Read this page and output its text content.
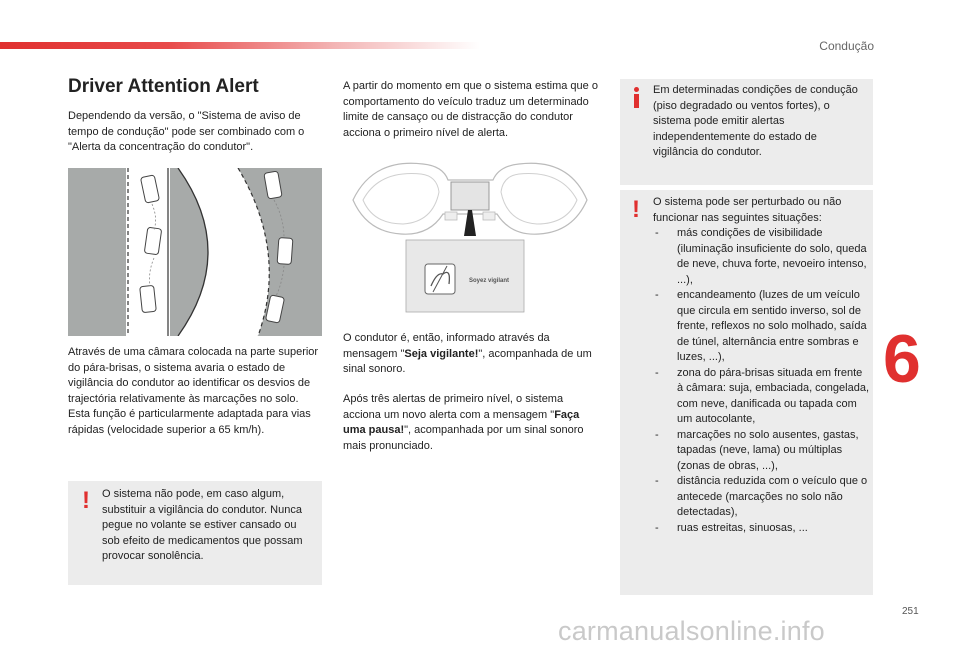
Condução
6
251
carmanualsonline.info
Driver Attention Alert

Dependendo da versão, o "Sistema de aviso de tempo de condução" pode ser combinado com o "Alerta da concentração do condutor".

Através de uma câmara colocada na parte superior do pára-brisas, o sistema avaria o estado de vigilância do condutor ao identificar os desvios de trajectória relativamente às marcações no solo.

Esta função é particularmente adaptada para vias rápidas (velocidade superior a 65 km/h).

! O sistema não pode, em caso algum, substituir a vigilância do condutor. Nunca pegue no volante se estiver cansado ou sob efeito de medicamentos que possam provocar sonolência.

A partir do momento em que o sistema estima que o comportamento do veículo traduz um determinado limite de cansaço ou de distracção do condutor acciona o primeiro nível de alerta.

Soyez vigilant

O condutor é, então, informado através da mensagem "Seja vigilante!", acompanhada de um sinal sonoro.

Após três alertas de primeiro nível, o sistema acciona um novo alerta com a mensagem "Faça uma pausa!", acompanhada por um sinal sonoro mais pronunciado.

Em determinadas condições de condução (piso degradado ou ventos fortes), o sistema pode emitir alertas independentemente do estado de vigilância do condutor.
! O sistema pode ser perturbado ou não funcionar nas seguintes situações:
- más condições de visibilidade (iluminação insuficiente do solo, queda de neve, chuva forte, nevoeiro intenso, ...),
- encandeamento (luzes de um veículo que circula em sentido inverso, sol de frente, reflexos no solo molhado, saída de túnel, alternância entre sombras e luzes, ...),
- zona do pára-brisas situada em frente à câmara: suja, embaciada, congelada, com neve, danificada ou tapada com um autocolante,
- marcações no solo ausentes, gastas, tapadas (neve, lama) ou múltiplas (zonas de obras, ...),
- distância reduzida com o veículo que o antecede (marcações no solo não detectadas),
- ruas estreitas, sinuosas, ...
